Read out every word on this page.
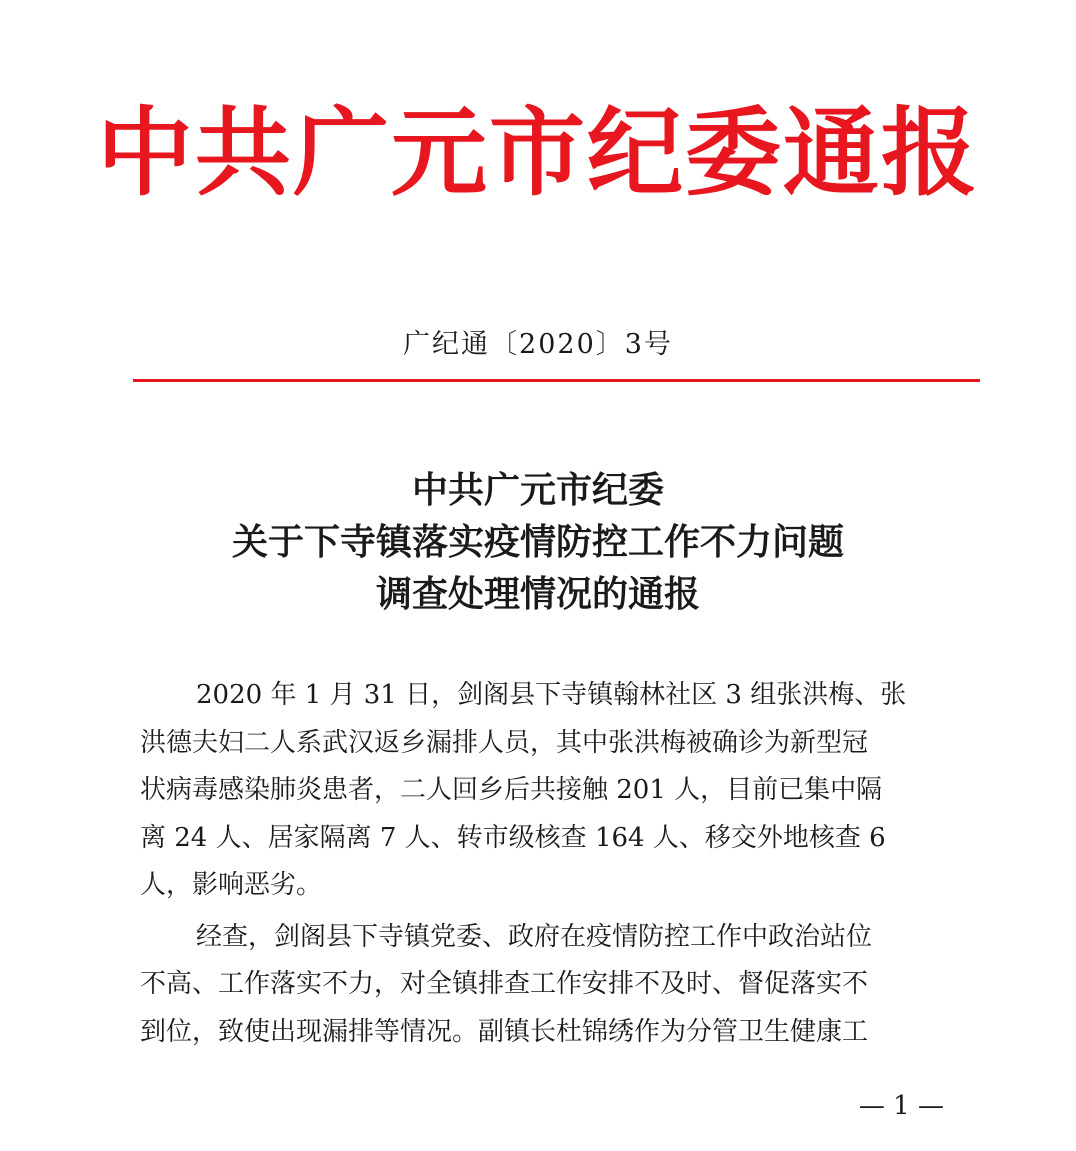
中共广元市纪委通报
广纪通〔2020〕3号
中共广元市纪委
关于下寺镇落实疫情防控工作不力问题
调查处理情况的通报
2020 年 1 月 31 日，剑阁县下寺镇翰林社区 3 组张洪梅、张
洪德夫妇二人系武汉返乡漏排人员，其中张洪梅被确诊为新型冠
状病毒感染肺炎患者，二人回乡后共接触 201 人，目前已集中隔
离 24 人、居家隔离 7 人、转市级核查 164 人、移交外地核查 6
人，影响恶劣。
经查，剑阁县下寺镇党委、政府在疫情防控工作中政治站位
不高、工作落实不力，对全镇排查工作安排不及时、督促落实不
到位，致使出现漏排等情况。副镇长杜锦绣作为分管卫生健康工
— 1 —
